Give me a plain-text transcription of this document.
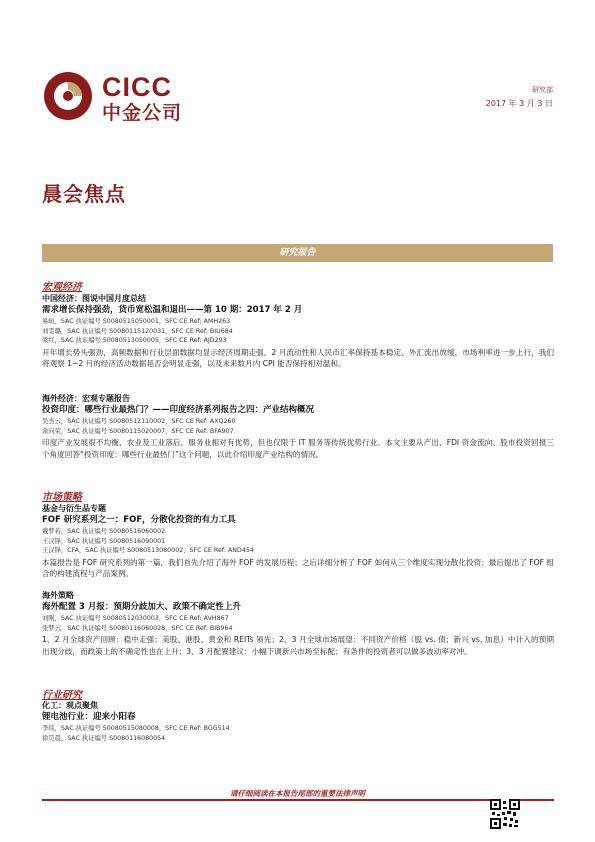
CICC
中金公司
研究部
2017 年 3 月 3 日
晨会焦点
研究报告
宏观经济
中国经济：图说中国月度总结
需求增长保持强劲，货币宽松温和退出——第 10 期：2017 年 2 月
易峘，SAC 执证编号 S0080515050001，SFC CE Ref: AMH263
刘雯璐，SAC 执证编号 S0080115120031，SFC CE Ref: BIU684
梁红，SAC 执证编号 S0080513050005，SFC CE Ref: AJD293
开年增长势头强劲，高频数据和行业层面数据均显示经济周期走强，2 月流动性和人民币汇率保持基本稳定、外汇流出放缓，市场利率进一步上行，我们将观察 1~2 月的经济活动数据是否会明显走强，以及未来数月内 CPI 能否保持相对温和。
海外经济：宏观专题报告
投资印度：哪些行业最热门？——印度经济系列报告之四：产业结构概况
吴杰云，SAC 执证编号 S0080512110002，SFC CE Ref: AXQ260
余向荣，SAC 执证编号 S0080115020007，SFC CE Ref: BFA907
印度产业发展很不均衡，农业及工业落后，服务业相对有优势，但也仅限于 IT 服务等传统优势行业。本文主要从产出、FDI 资金流向、股市投资回报三个角度回答“投资印度：哪些行业最热门”这个问题，以此介绍印度产业结构的情况。
市场策略
基金与衍生品专题
FOF 研究系列之一：FOF，分散化投资的有力工具
戴梦若，SAC 执证编号 S0080516060002
王汉锋，SAC 执证编号 S0080516090001
王汉锋，CFA，SAC 执证编号 S0080513080002，SFC CE Ref: AND454
本篇报告是 FOF 研究系列的第一篇，我们首先介绍了海外 FOF 的发展历程；之后详细分析了 FOF 如何从三个维度实现分散化投资；最后提出了 FOF 组合的构建流程与产品案例。
海外策略
海外配置 3 月报：预期分歧加大、政策不确定性上升
刘刚，SAC 执证编号 S0080512030003，SFC CE Ref: AVH867
张梦云，SAC 执证编号 S0080116060028，SFC CE Ref: BIB964
1、2 月全球资产回顾：稳中走强；美股、港股、黄金和 REITs 领先；2、3 月全球市场展望：不同资产价格（股 vs. 债；新兴 vs. 加息）中计入的预期出现分歧，而政策上的不确定性也在上升；3、3 月配置建议：小幅下调新兴市场至标配；有条件的投资者可以做多波动率对冲。
行业研究
化工：观点聚焦
锂电池行业：迎来小阳春
李琰，SAC 执证编号 S0080515080008，SFC CE Ref: BGG514
徐昊晨，SAC 执证编号 S0080116080054
请仔细阅读在本报告尾部的重要法律声明
